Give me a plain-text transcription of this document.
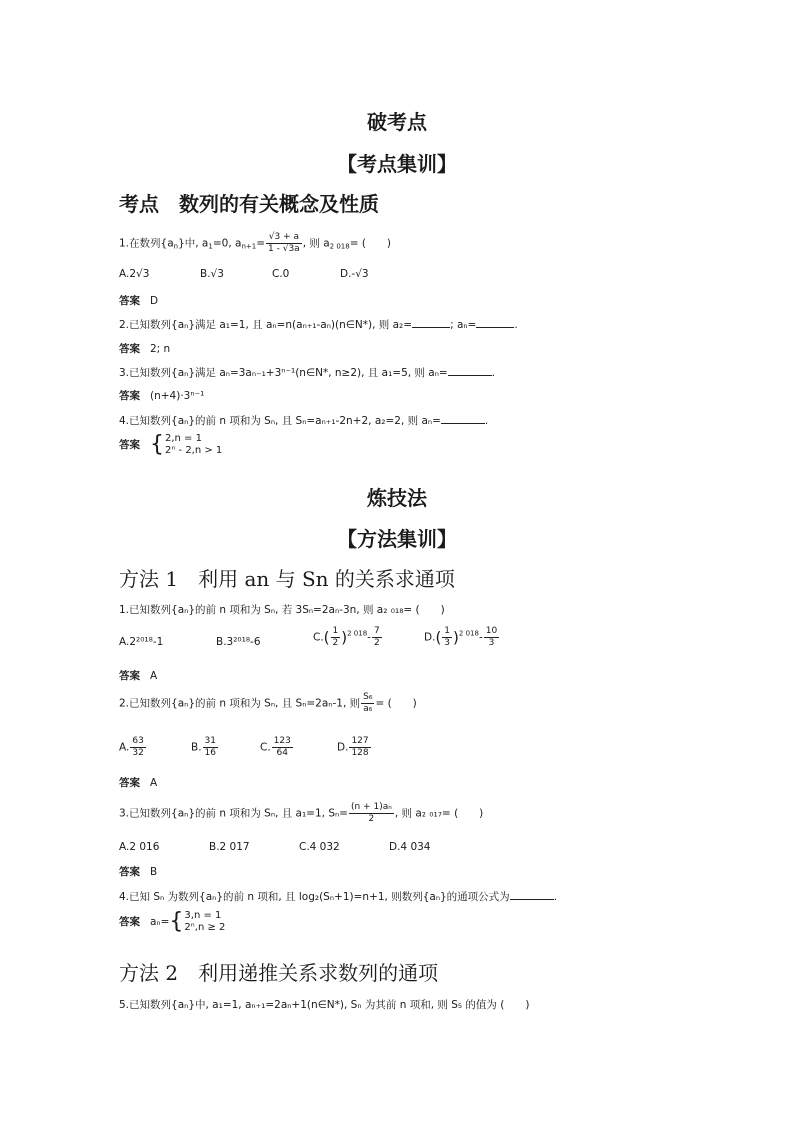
破考点
【考点集训】
考点　数列的有关概念及性质
1.在数列$\{a_n\}$中, $a_1=0$, $a_{n+1}= \frac{√3 + a}{1 - √3a}$ , 则 $a_{2 018}=$ (　　)
A.2√3	B.√3	C.0	D.-√3
答案 D
2.已知数列{aₙ}满足 a₁=1, 且 aₙ=n(aₙ₊₁-aₙ)(n∈N*), 则 a₂=	; aₙ=	.
答案 2; n
3.已知数列{aₙ}满足 aₙ=3aₙ₋₁+3ⁿ⁻¹(n∈N*, n≥2), 且 a₁=5, 则 aₙ=	.
答案 (n+4)·3ⁿ⁻¹
4.已知数列{aₙ}的前 n 项和为 Sₙ, 且 Sₙ=aₙ₊₁-2n+2, a₂=2, 则 aₙ=	.
答案 {2,n = 1
2ⁿ - 2,n > 1
炼技法
【方法集训】
方法 1　利用 an 与 Sn 的关系求通项
1.已知数列{aₙ}的前 n 项和为 Sₙ, 若 3Sₙ=2aₙ-3n, 则 a₂ ₀₁₈= (　　)
A.2²⁰¹⁸-1	B.3²⁰¹⁸-6	$C.( \frac{1}{2} )^{2 018}- \frac{7}{2}$	$D.( \frac{1}{3} )^{2 018}- \frac{10}{3}$
答案 A
2.已知数列{aₙ}的前 n 项和为 Sₙ, 且 Sₙ=2aₙ-1, 则 $\frac{\text{S₆}}{\text{a₆}}$ = (　　)
A. $\frac{63}{32}$	B. $\frac{31}{16}$	C. $\frac{123}{64}$	D. $\frac{127}{128}$
答案 A
3.已知数列{aₙ}的前 n 项和为 Sₙ, 且 a₁=1, $S_n= \frac{\text{(n + 1)aₙ}}{2}$ , 则 a₂ ₀₁₇= (　　)
A.2 016	B.2 017	C.4 032	D.4 034
答案 B
4.已知 Sₙ 为数列{aₙ}的前 n 项和, 且 log₂(Sₙ+1)=n+1, 则数列{aₙ}的通项公式为	.
答案 aₙ={3,n = 1
2ⁿ,n ≥ 2
方法 2　利用递推关系求数列的通项
5.已知数列{aₙ}中, a₁=1, aₙ₊₁=2aₙ+1(n∈N*), Sₙ 为其前 n 项和, 则 S₅ 的值为 (　　)
